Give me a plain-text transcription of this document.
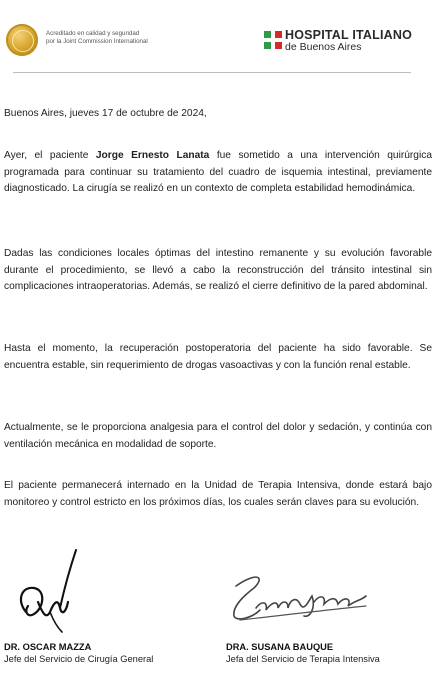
Acreditado en calidad y seguridad
por la Joint Commission International	HOSPITAL ITALIANO
de Buenos Aires
Buenos Aires, jueves 17 de octubre de 2024,

Ayer, el paciente Jorge Ernesto Lanata fue sometido a una intervención quirúrgica programada para continuar su tratamiento del cuadro de isquemia intestinal, previamente diagnosticado. La cirugía se realizó en un contexto de completa estabilidad hemodinámica.

Dadas las condiciones locales óptimas del intestino remanente y su evolución favorable durante el procedimiento, se llevó a cabo la reconstrucción del tránsito intestinal sin complicaciones intraoperatorias. Además, se realizó el cierre definitivo de la pared abdominal.

Hasta el momento, la recuperación postoperatoria del paciente ha sido favorable. Se encuentra estable, sin requerimiento de drogas vasoactivas y con la función renal estable.

Actualmente, se le proporciona analgesia para el control del dolor y sedación, y continúa con ventilación mecánica en modalidad de soporte.

El paciente permanecerá internado en la Unidad de Terapia Intensiva, donde estará bajo monitoreo y control estricto en los próximos días, los cuales serán claves para su evolución.

DR. OSCAR MAZZA
Jefe del Servicio de Cirugía General
DRA. SUSANA BAUQUE
Jefa del Servicio de Terapia Intensiva
